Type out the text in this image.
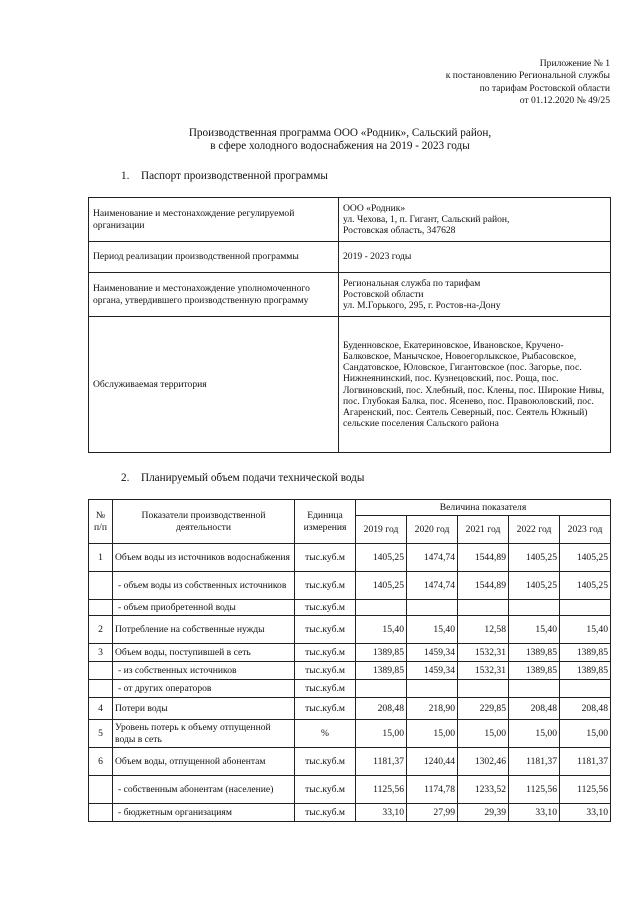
Приложение № 1
к постановлению Региональной службы
по тарифам Ростовской области
от 01.12.2020 № 49/25
Производственная программа ООО «Родник», Сальский район,
в сфере холодного водоснабжения на 2019 - 2023 годы
1. Паспорт производственной программы
Наименование и местонахождение регулируемой организации	ООО «Родник»
ул. Чехова, 1, п. Гигант, Сальский район,
Ростовская область, 347628

Период реализации производственной программы	2019 - 2023 годы

Наименование и местонахождение уполномоченного органа, утвердившего производственную программу	Региональная служба по тарифам
Ростовской области
ул. М.Горького, 295, г. Ростов-на-Дону

Обслуживаемая территория	Буденновское, Екатериновское, Ивановское, Кручено-Балковское, Манычское, Новоегорлыкское, Рыбасовское, Сандатовское, Юловское, Гигантовское (пос. Загорье, пос. Нижнеянинский, пос. Кузнецовский, пос. Роща, пос. Логвиновский, пос. Хлебный, пос. Клены, пос. Широкие Нивы, пос. Глубокая Балка, пос. Ясенево, пос. Правоюловский, пос. Агаренский, пос. Сеятель Северный, пос. Сеятель Южный) сельские поселения Сальского района
2. Планируемый объем подачи технической воды
№ п/п	Показатели производственной деятельности	Единица измерения	Величина показателя				
			2019 год	2020 год	2021 год	2022 год	2023 год
1	Объем воды из источников водоснабжения	тыс.куб.м	1405,25	1474,74	1544,89	1405,25	1405,25
	- объем воды из собственных источников	тыс.куб.м	1405,25	1474,74	1544,89	1405,25	1405,25
	- объем приобретенной воды	тыс.куб.м					
2	Потребление на собственные нужды	тыс.куб.м	15,40	15,40	12,58	15,40	15,40
3	Объем воды, поступившей в сеть	тыс.куб.м	1389,85	1459,34	1532,31	1389,85	1389,85
	- из собственных источников	тыс.куб.м	1389,85	1459,34	1532,31	1389,85	1389,85
	- от других операторов	тыс.куб.м					
4	Потери воды	тыс.куб.м	208,48	218,90	229,85	208,48	208,48
5	Уровень потерь к объему отпущенной воды в сеть	%	15,00	15,00	15,00	15,00	15,00
6	Объем воды, отпущенной абонентам	тыс.куб.м	1181,37	1240,44	1302,46	1181,37	1181,37
	- собственным абонентам (население)	тыс.куб.м	1125,56	1174,78	1233,52	1125,56	1125,56
	- бюджетным организациям	тыс.куб.м	33,10	27,99	29,39	33,10	33,10
